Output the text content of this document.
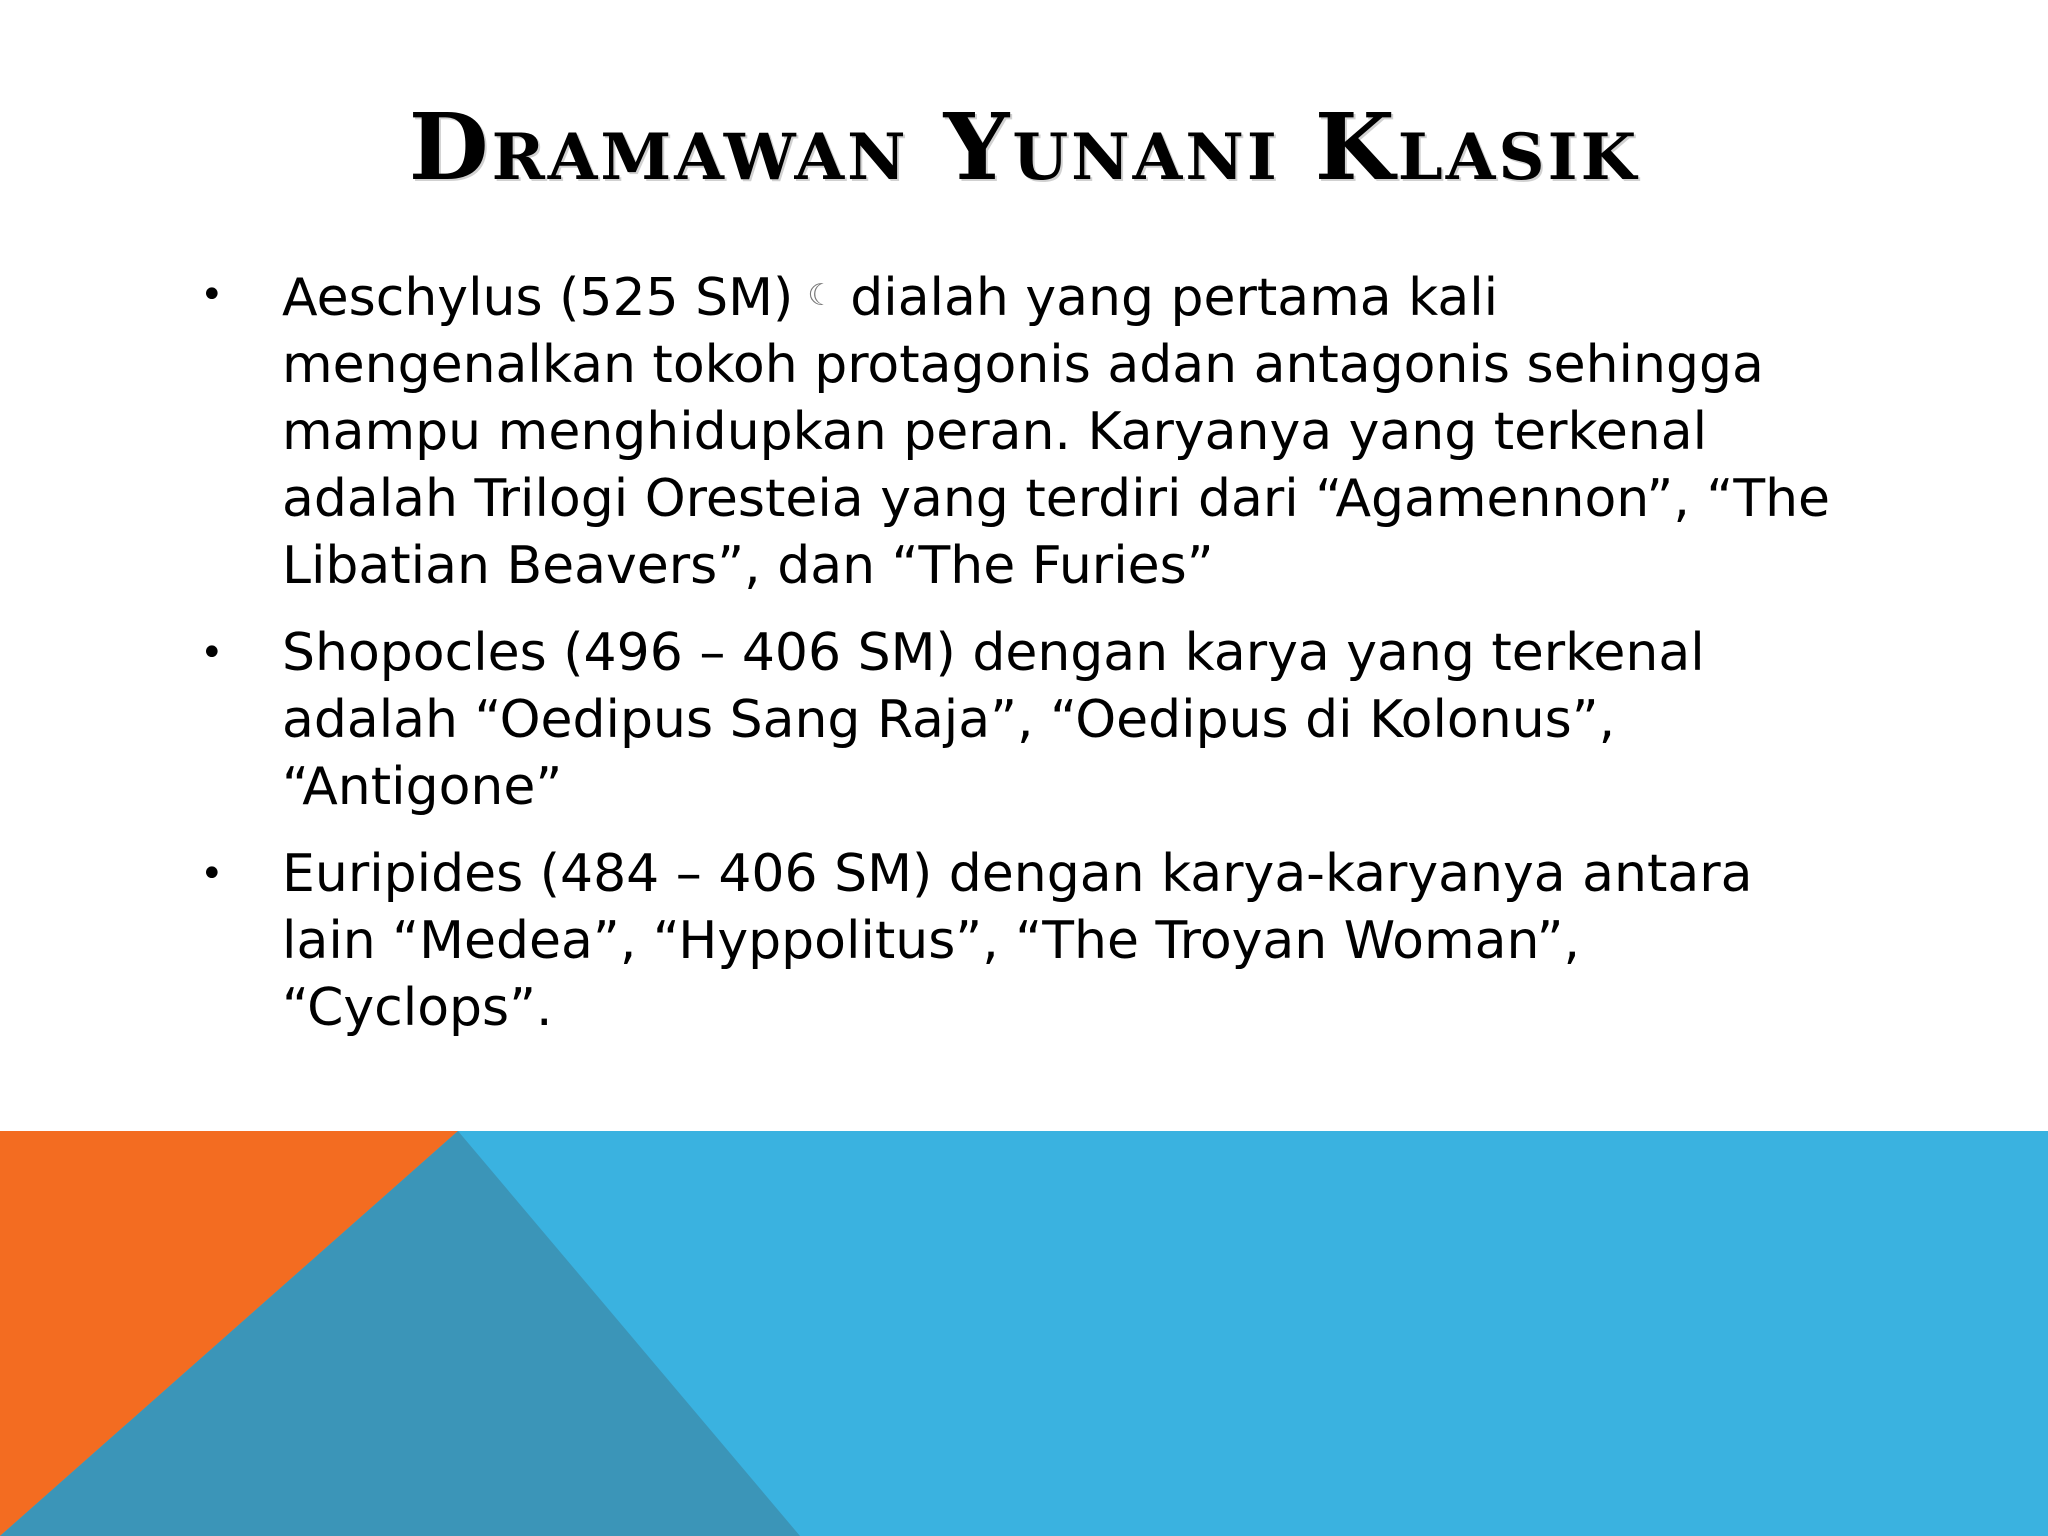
Dramawan Yunani Klasik
•	Aeschylus (525 SM) ☾ dialah yang pertama kali mengenalkan tokoh protagonis adan antagonis sehingga mampu menghidupkan peran. Karyanya yang terkenal adalah Trilogi Oresteia yang terdiri dari “Agamennon”, “The Libatian Beavers”, dan “The Furies”
•	Shopocles (496 – 406 SM) dengan karya yang terkenal adalah “Oedipus Sang Raja”, “Oedipus di Kolonus”, “Antigone”
•	Euripides (484 – 406 SM) dengan karya-karyanya antara lain “Medea”, “Hyppolitus”, “The Troyan Woman”, “Cyclops”.
